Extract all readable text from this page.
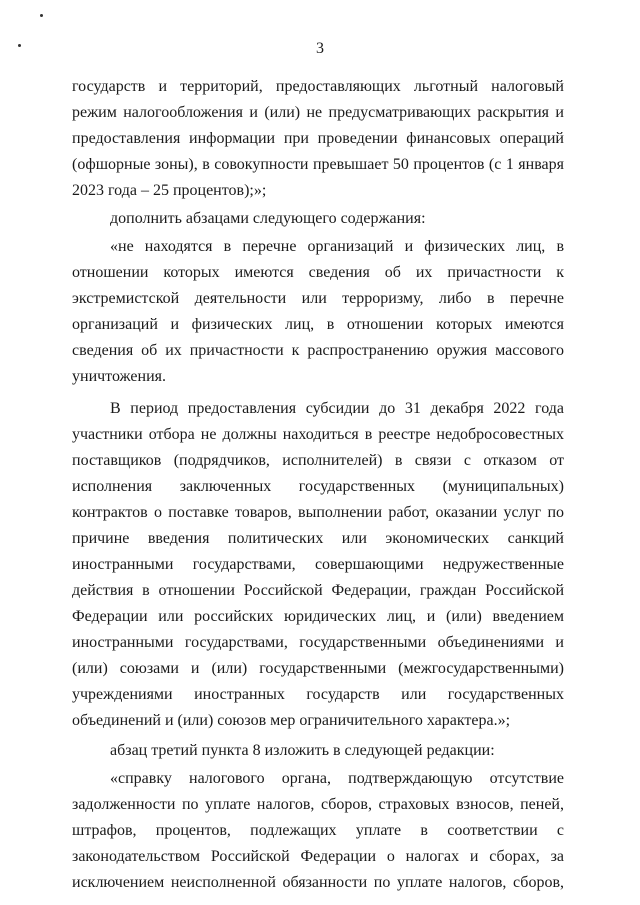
3

государств и территорий, предоставляющих льготный налоговый режим налогообложения и (или) не предусматривающих раскрытия и предоставления информации при проведении финансовых операций (офшорные зоны), в совокупности превышает 50 процентов (с 1 января 2023 года – 25 процентов);»;

дополнить абзацами следующего содержания:

«не находятся в перечне организаций и физических лиц, в отношении которых имеются сведения об их причастности к экстремистской деятельности или терроризму, либо в перечне организаций и физических лиц, в отношении которых имеются сведения об их причастности к распространению оружия массового уничтожения.

В период предоставления субсидии до 31 декабря 2022 года участники отбора не должны находиться в реестре недобросовестных поставщиков (подрядчиков, исполнителей) в связи с отказом от исполнения заключенных государственных (муниципальных) контрактов о поставке товаров, выполнении работ, оказании услуг по причине введения политических или экономических санкций иностранными государствами, совершающими недружественные действия в отношении Российской Федерации, граждан Российской Федерации или российских юридических лиц, и (или) введением иностранными государствами, государственными объединениями и (или) союзами и (или) государственными (межгосударственными) учреждениями иностранных государств или государственных объединений и (или) союзов мер ограничительного характера.»;

абзац третий пункта 8 изложить в следующей редакции:

«справку налогового органа, подтверждающую отсутствие задолженности по уплате налогов, сборов, страховых взносов, пеней, штрафов, процентов, подлежащих уплате в соответствии с законодательством Российской Федерации о налогах и сборах, за исключением неисполненной обязанности по уплате налогов, сборов,
